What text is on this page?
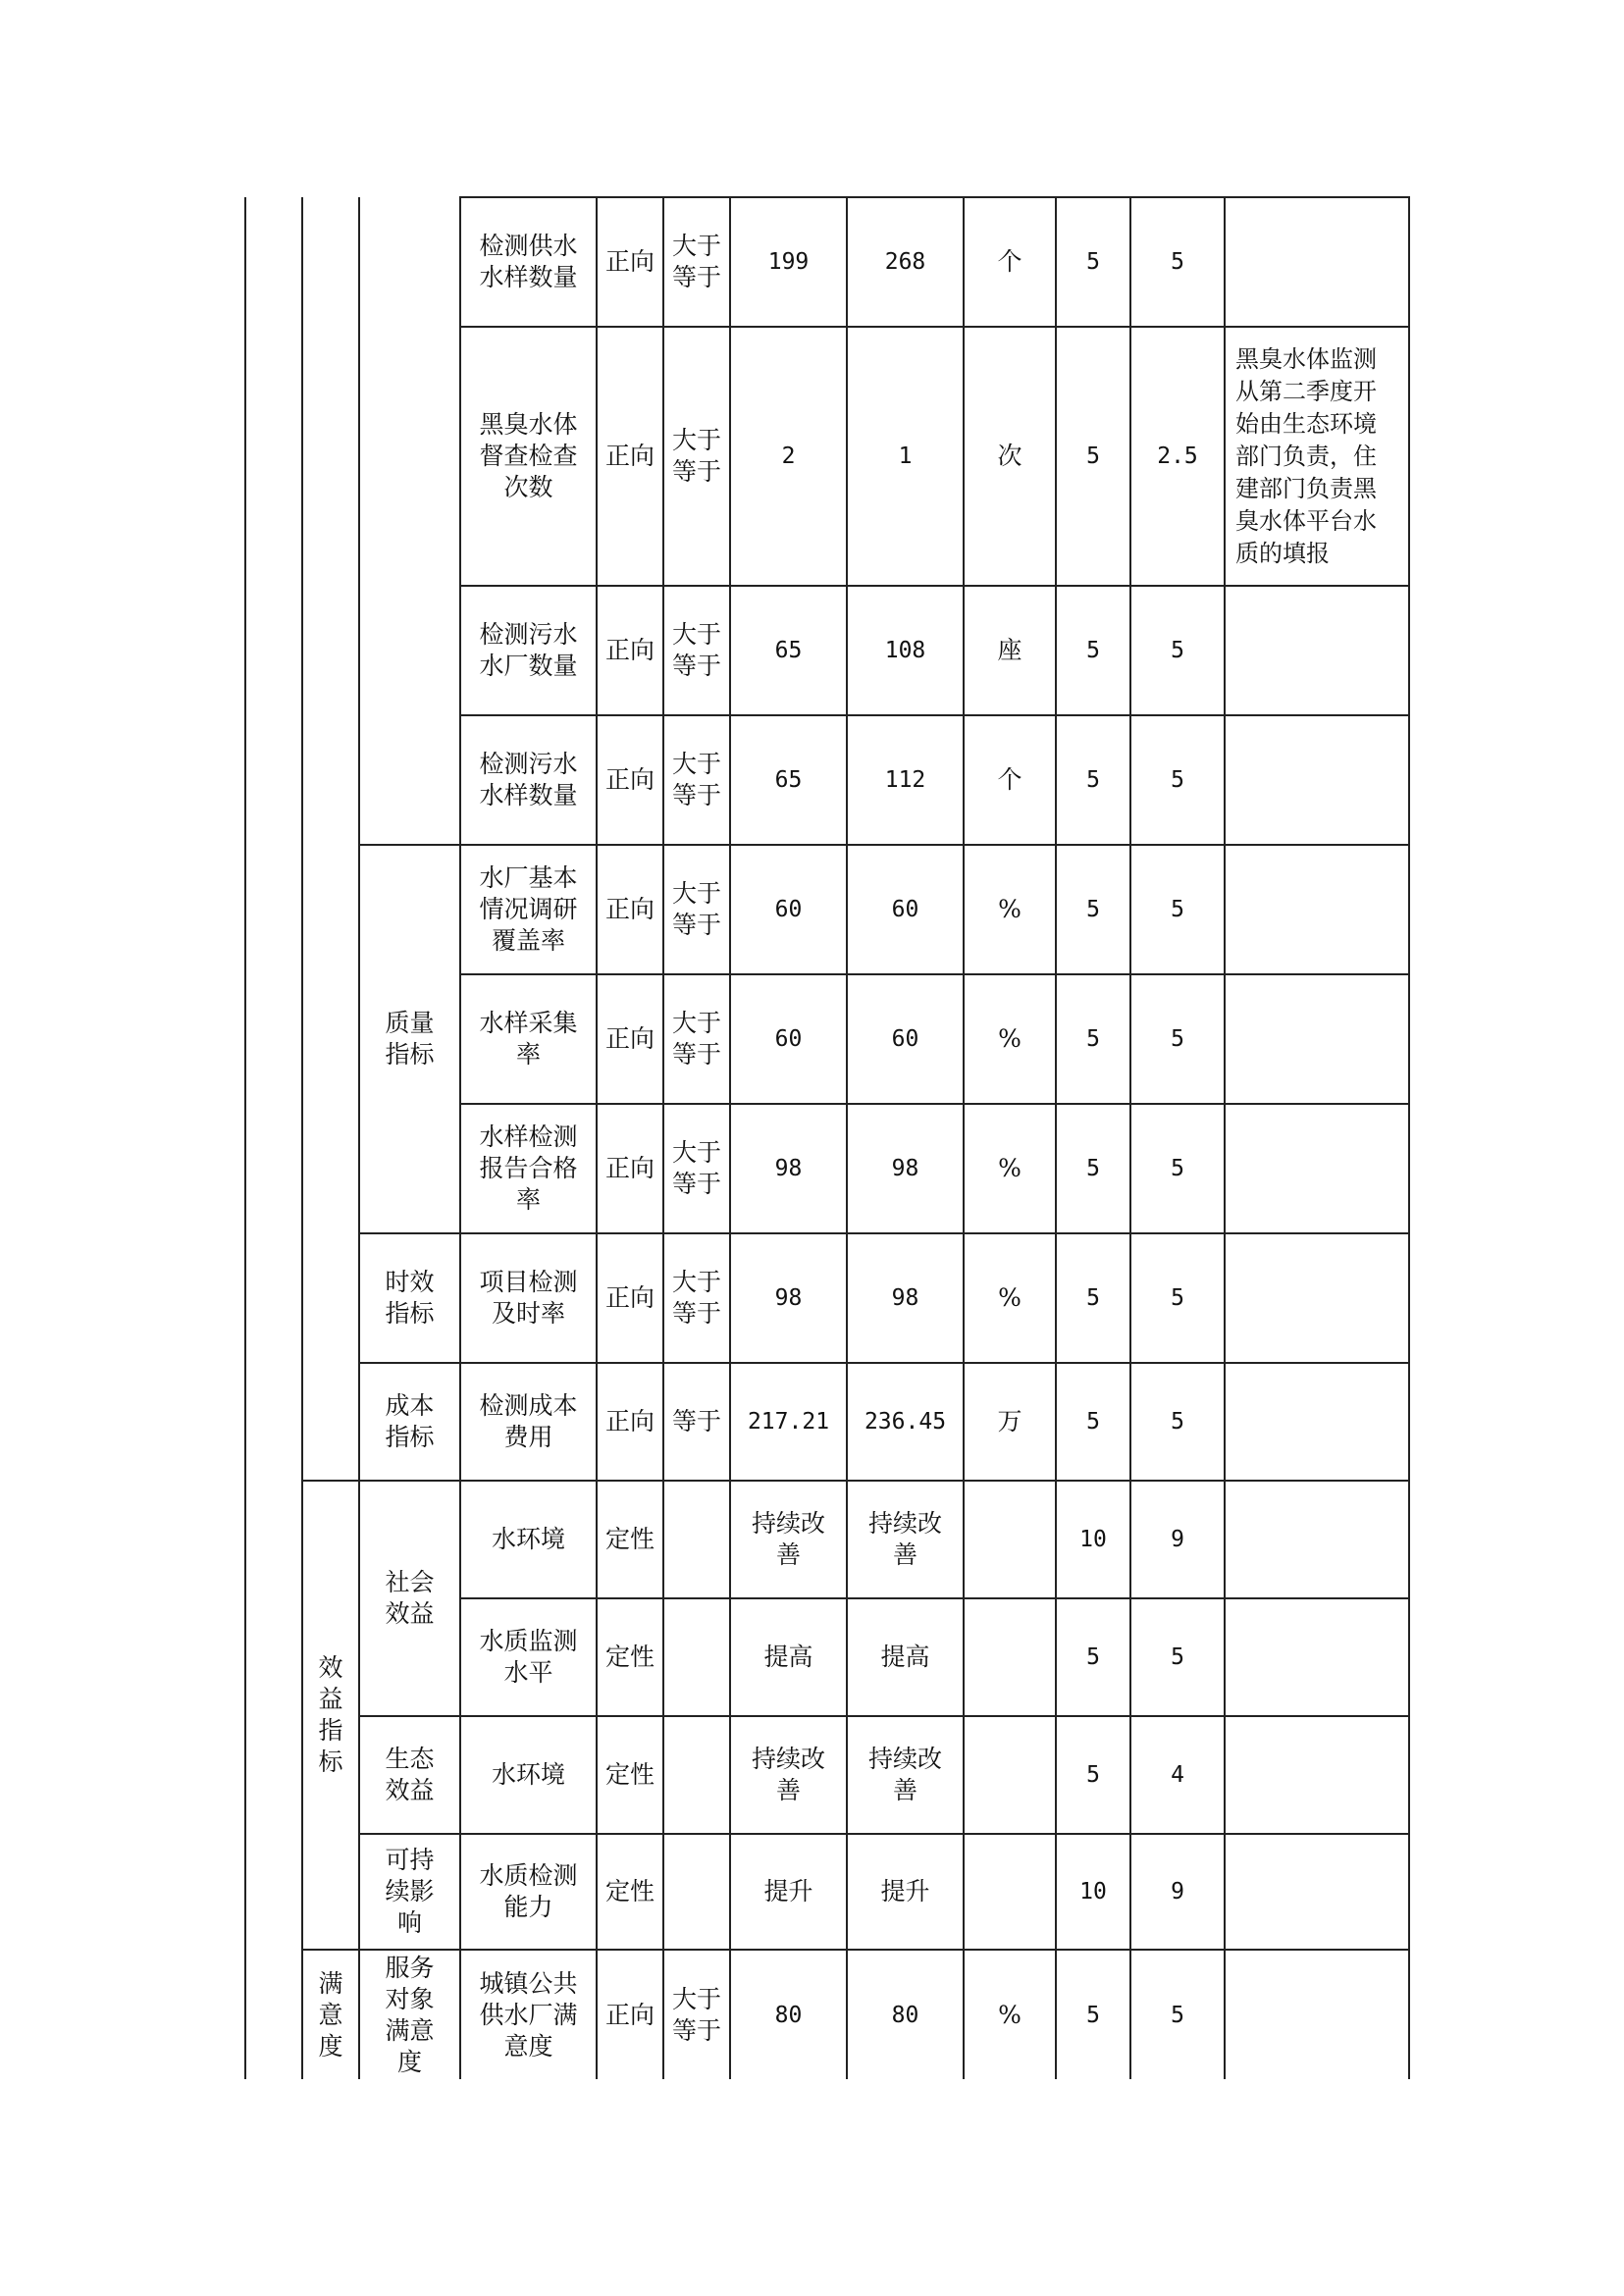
			检测供水水样数量	正向	大于等于	199	268	个	5	5	
			黑臭水体督查检查次数	正向	大于等于	2	1	次	5	2.5	黑臭水体监测从第二季度开始由生态环境部门负责，住建部门负责黑臭水体平台水质的填报
			检测污水水厂数量	正向	大于等于	65	108	座	5	5	
			检测污水水样数量	正向	大于等于	65	112	个	5	5	
		质量指标	水厂基本情况调研覆盖率	正向	大于等于	60	60	%	5	5	
			水样采集率	正向	大于等于	60	60	%	5	5	
			水样检测报告合格率	正向	大于等于	98	98	%	5	5	
		时效指标	项目检测及时率	正向	大于等于	98	98	%	5	5	
		成本指标	检测成本费用	正向	等于	217.21	236.45	万	5	5	

	效
益
指
标	社会效益	水环境	定性		持续改善	持续改善		10	9	
			水质监测水平	定性		提高	提高		5	5	
		生态效益	水环境	定性		持续改善	持续改善		5	4	
		可持续影响	水质检测能力	定性		提升	提升		10	9	

	满
意
度	服务对象满意度	城镇公共供水厂满意度	正向	大于等于	80	80	%	5	5	
